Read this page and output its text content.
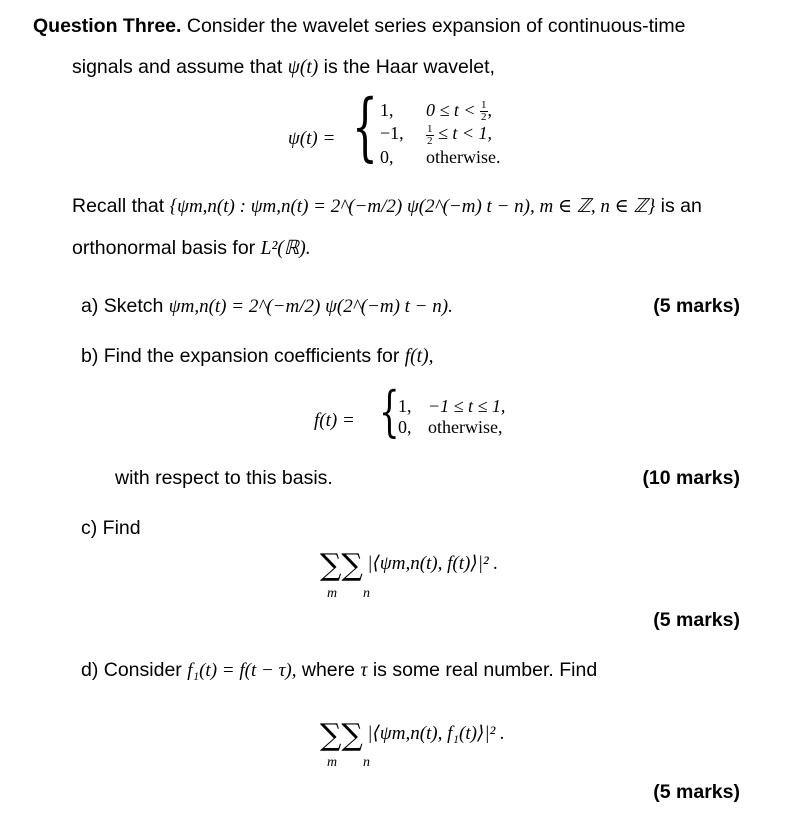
Question Three. Consider the wavelet series expansion of continuous-time
signals and assume that ψ(t) is the Haar wavelet,
ψ(t) = { 1, $0 \le t < \frac{1}{2}$ ,
−1, $\frac{1}{2} \le t < 1$,
0, otherwise.
Recall that {ψm,n(t) : ψm,n(t) = 2^(−m/2) ψ(2^(−m) t − n), m ∈ ℤ, n ∈ ℤ} is an
orthonormal basis for L²(ℝ).
a) Sketch ψm,n(t) = 2^(−m/2) ψ(2^(−m) t − n).	(5 marks)
b) Find the expansion coefficients for f(t),
f(t) = {
1, −1 ≤ t ≤ 1,
0, otherwise,
with respect to this basis.	(10 marks)
c) Find
∑∑ |⟨ψm,n(t), f(t)⟩|² .
m n
(5 marks)
d) Consider f₁(t) = f(t − τ), where τ is some real number. Find
∑∑ |⟨ψm,n(t), f₁(t)⟩|² .
m n
(5 marks)
